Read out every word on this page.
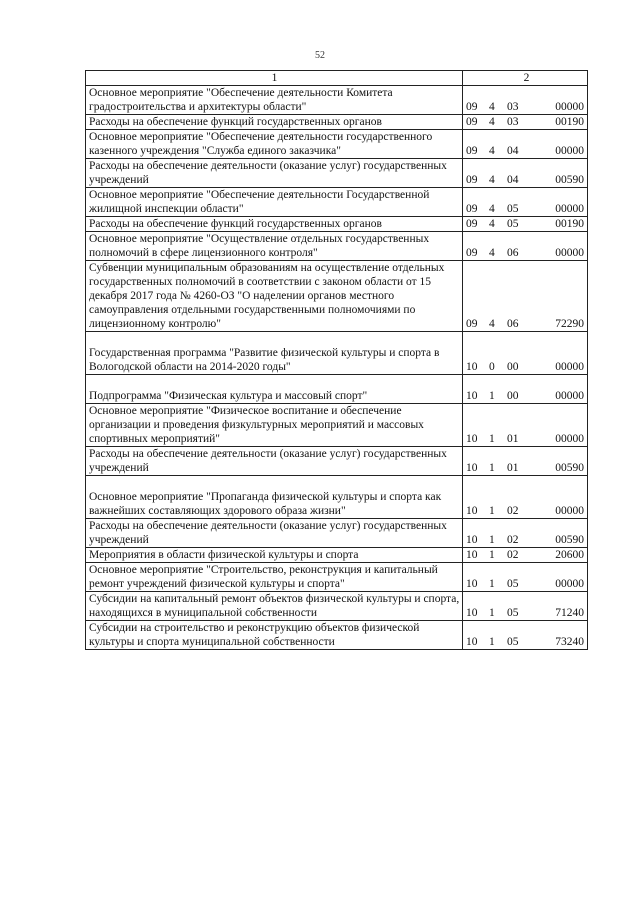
52
1	2
Основное мероприятие "Обеспечение деятельности Комитета градостроительства и архитектуры области"	09	4	03	00000
Расходы на обеспечение функций государственных органов	09	4	03	00190
Основное мероприятие "Обеспечение деятельности государственного казенного учреждения "Служба единого заказчика"	09	4	04	00000
Расходы на обеспечение деятельности (оказание услуг) государственных учреждений	09	4	04	00590
Основное мероприятие "Обеспечение деятельности Государственной жилищной инспекции области"	09	4	05	00000
Расходы на обеспечение функций государственных органов	09	4	05	00190
Основное мероприятие "Осуществление отдельных государственных полномочий в сфере лицензионного контроля"	09	4	06	00000
Субвенции муниципальным образованиям на осуществление отдельных государственных полномочий в соответствии с законом области от 15 декабря 2017 года № 4260-ОЗ "О наделении органов местного самоуправления отдельными государственными полномочиями по лицензионному контролю"	09	4	06	72290
Государственная программа "Развитие физической культуры и спорта в Вологодской области на 2014-2020 годы"	10	0	00	00000
Подпрограмма "Физическая культура и массовый спорт"	10	1	00	00000
Основное мероприятие "Физическое воспитание и обеспечение организации и проведения физкультурных мероприятий и массовых спортивных мероприятий"	10	1	01	00000
Расходы на обеспечение деятельности (оказание услуг) государственных учреждений	10	1	01	00590
Основное мероприятие "Пропаганда физической культуры и спорта как важнейших составляющих здорового образа жизни"	10	1	02	00000
Расходы на обеспечение деятельности (оказание услуг) государственных учреждений	10	1	02	00590
Мероприятия в области физической культуры и спорта	10	1	02	20600
Основное мероприятие "Строительство, реконструкция и капитальный ремонт учреждений физической культуры и спорта"	10	1	05	00000
Субсидии на капитальный ремонт объектов физической культуры и спорта, находящихся в муниципальной собственности	10	1	05	71240
Субсидии на строительство и реконструкцию объектов физической культуры и спорта муниципальной собственности	10	1	05	73240
